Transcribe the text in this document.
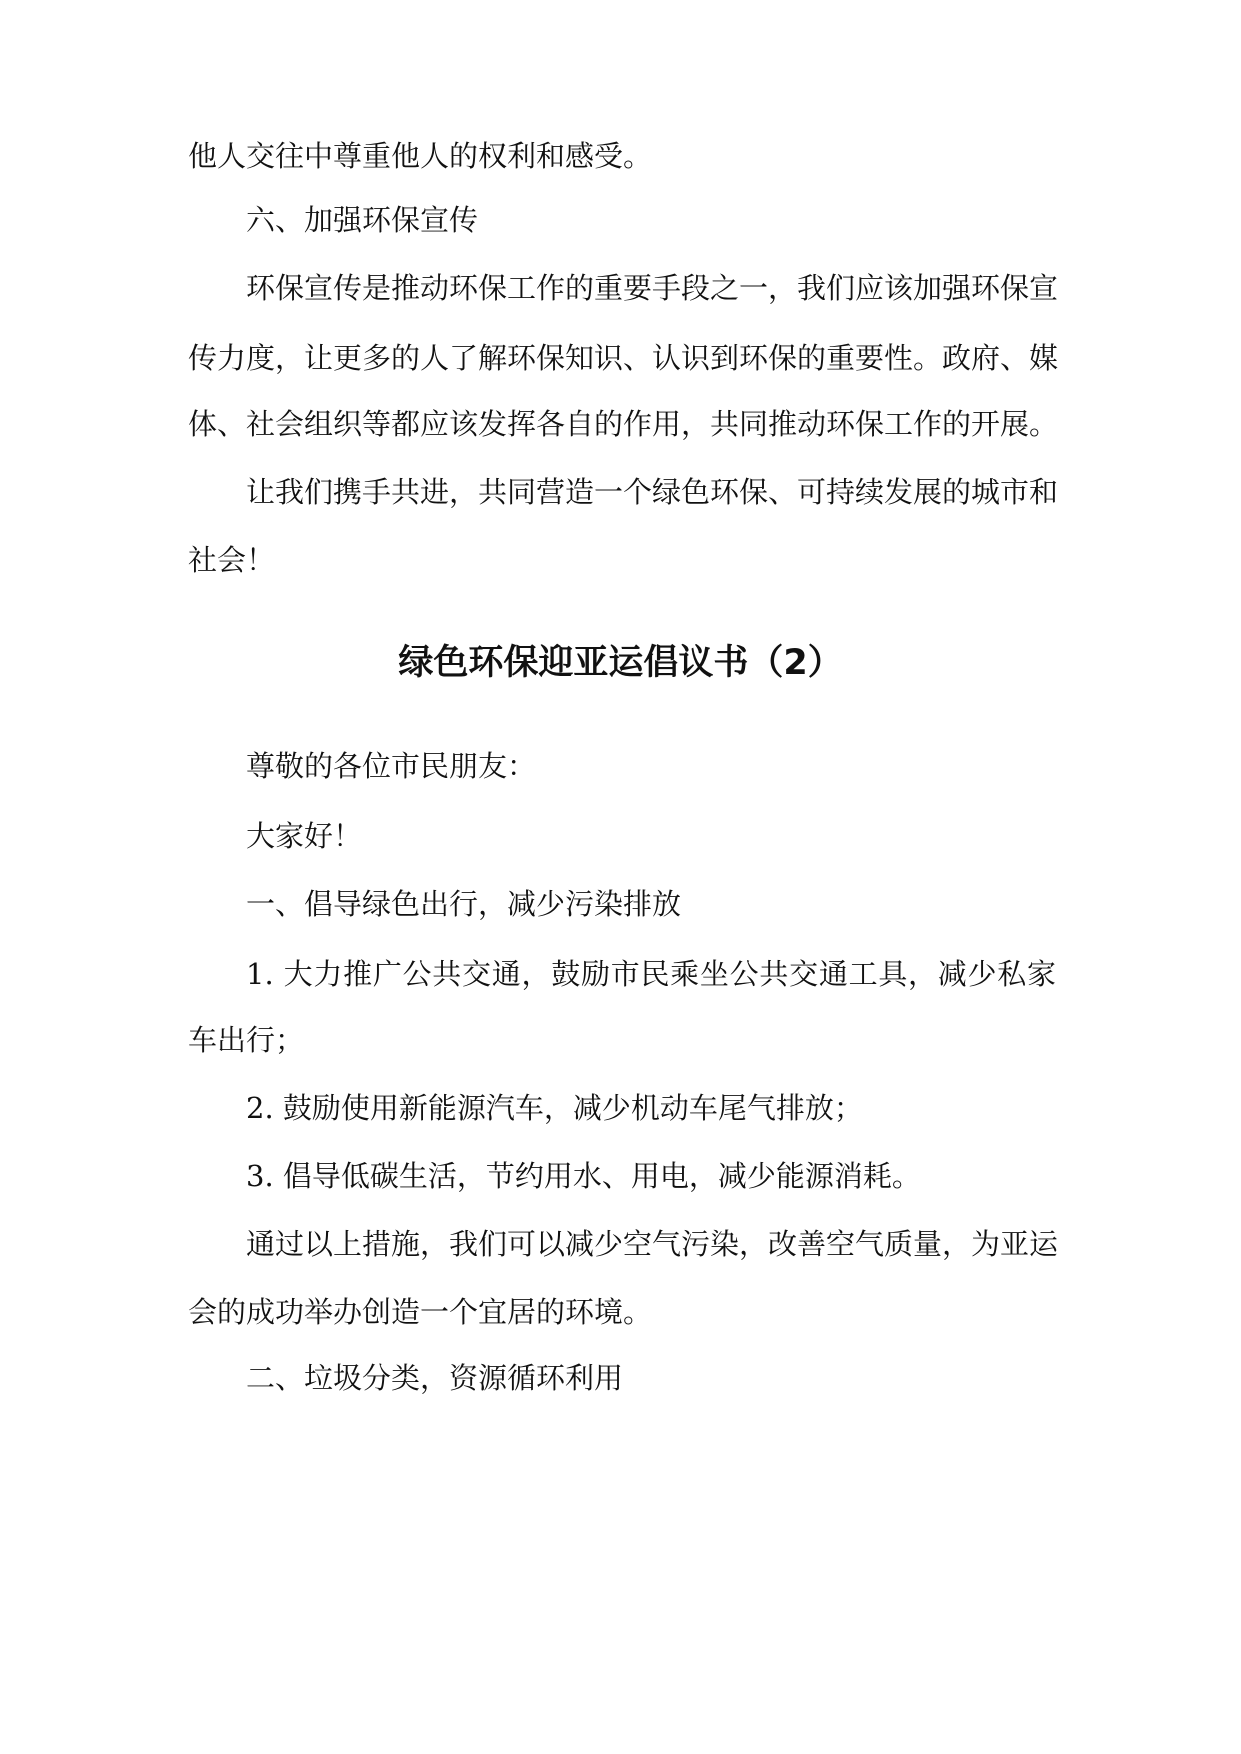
他人交往中尊重他人的权利和感受。
六、加强环保宣传
环保宣传是推动环保工作的重要手段之一，我们应该加强环保宣
传力度，让更多的人了解环保知识、认识到环保的重要性。政府、媒
体、社会组织等都应该发挥各自的作用，共同推动环保工作的开展。
让我们携手共进，共同营造一个绿色环保、可持续发展的城市和
社会！
绿色环保迎亚运倡议书（2）
尊敬的各位市民朋友：
大家好！
一、倡导绿色出行，减少污染排放
1. 大力推广公共交通，鼓励市民乘坐公共交通工具，减少私家
车出行；
2. 鼓励使用新能源汽车，减少机动车尾气排放；
3. 倡导低碳生活，节约用水、用电，减少能源消耗。
通过以上措施，我们可以减少空气污染，改善空气质量，为亚运
会的成功举办创造一个宜居的环境。
二、垃圾分类，资源循环利用
